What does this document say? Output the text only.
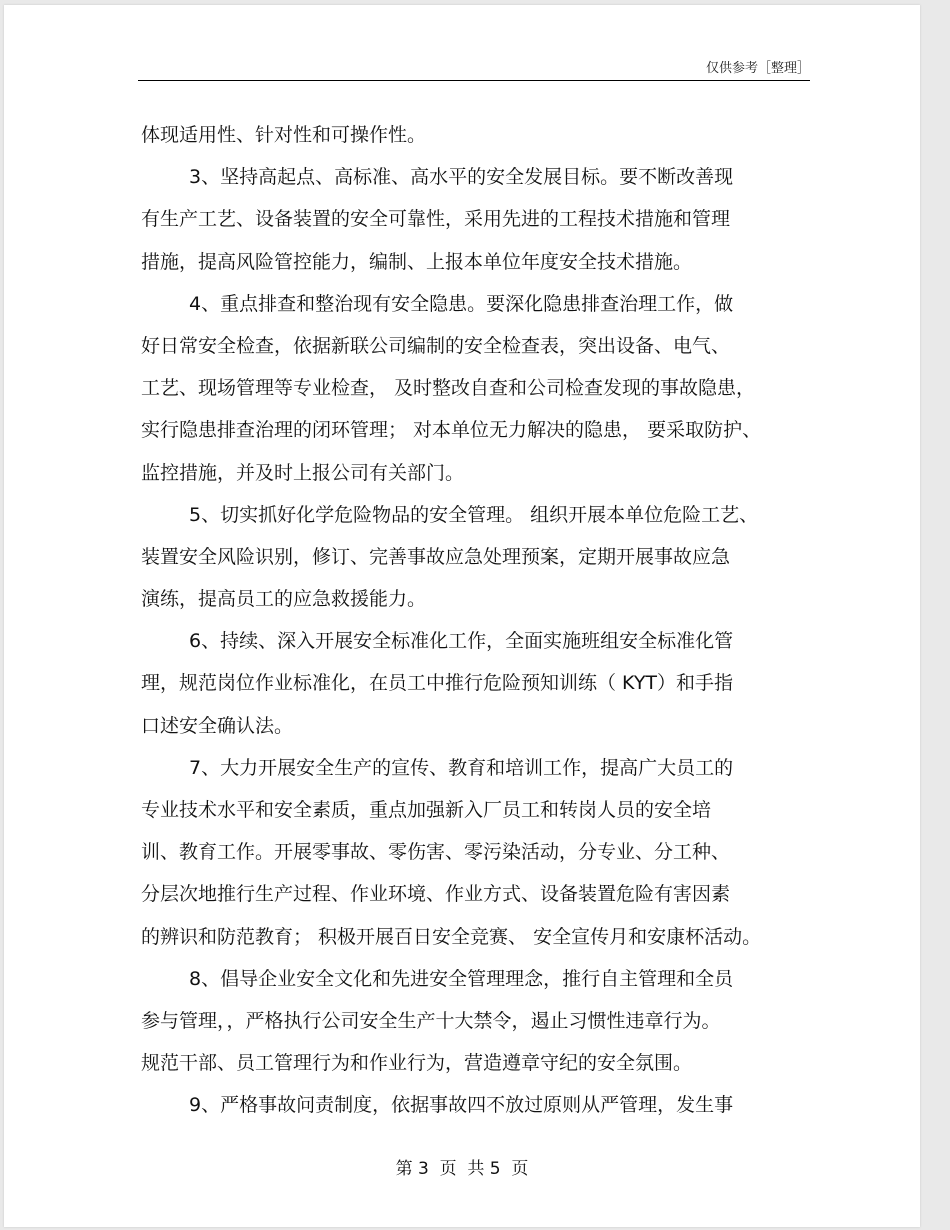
仅供参考［整理］
体现适用性、针对性和可操作性。
3、坚持高起点、高标准、高水平的安全发展目标。要不断改善现
有生产工艺、设备装置的安全可靠性，采用先进的工程技术措施和管理
措施，提高风险管控能力，编制、上报本单位年度安全技术措施。
4、重点排查和整治现有安全隐患。要深化隐患排查治理工作，做
好日常安全检查，依据新联公司编制的安全检查表，突出设备、电气、
工艺、现场管理等专业检查， 及时整改自查和公司检查发现的事故隐患，
实行隐患排查治理的闭环管理； 对本单位无力解决的隐患， 要采取防护、
监控措施，并及时上报公司有关部门。
5、切实抓好化学危险物品的安全管理。 组织开展本单位危险工艺、
装置安全风险识别，修订、完善事故应急处理预案，定期开展事故应急
演练，提高员工的应急救援能力。
6、持续、深入开展安全标准化工作，全面实施班组安全标准化管
理，规范岗位作业标准化，在员工中推行危险预知训练（ KYT）和手指
口述安全确认法。
7、大力开展安全生产的宣传、教育和培训工作，提高广大员工的
专业技术水平和安全素质，重点加强新入厂员工和转岗人员的安全培
训、教育工作。开展零事故、零伤害、零污染活动，分专业、分工种、
分层次地推行生产过程、作业环境、作业方式、设备装置危险有害因素
的辨识和防范教育； 积极开展百日安全竞赛、 安全宣传月和安康杯活动。
8、倡导企业安全文化和先进安全管理理念，推行自主管理和全员
参与管理，，严格执行公司安全生产十大禁令，遏止习惯性违章行为。
规范干部、员工管理行为和作业行为，营造遵章守纪的安全氛围。
9、严格事故问责制度，依据事故四不放过原则从严管理，发生事
第 3  页  共 5  页
